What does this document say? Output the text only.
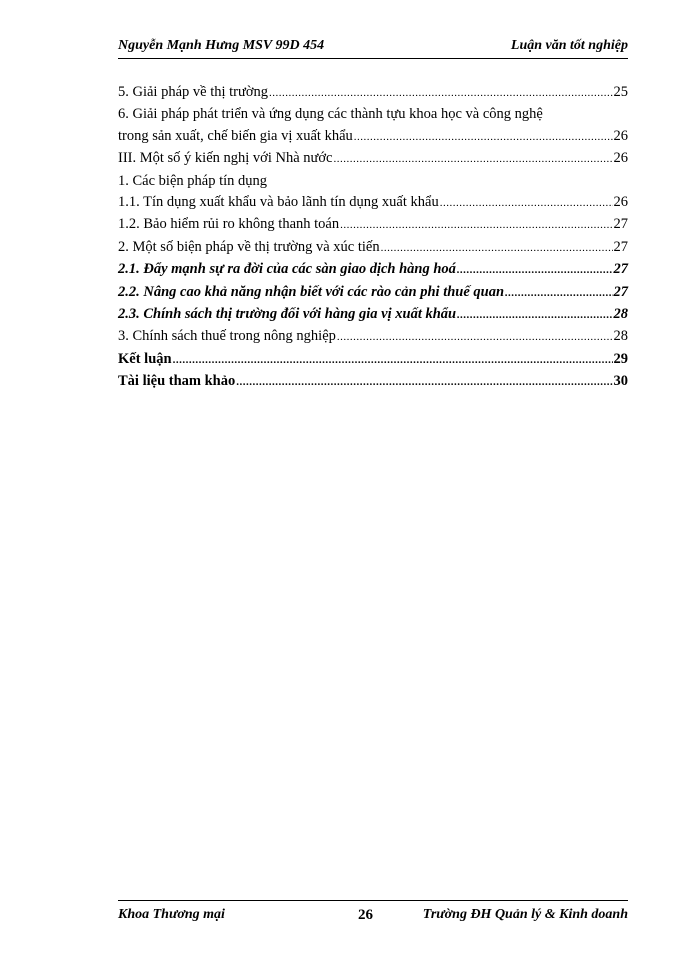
Nguyễn Mạnh Hưng MSV 99D 454	Luận văn tốt nghiệp
5. Giải pháp về thị trường .....	25
6. Giải pháp phát triển và ứng dụng các thành tựu khoa học và công nghệ
trong sản xuất, chế biến gia vị xuất khẩu .....	26
III. Một số ý kiến nghị với Nhà nước .....	26
1. Các biện pháp tín dụng
1.1. Tín dụng xuất khẩu và bảo lãnh tín dụng xuất khẩu .....	26
1.2. Bảo hiểm rủi ro không thanh toán .....	27
2. Một số biện pháp về thị trường và xúc tiến .....	27
2.1. Đẩy mạnh sự ra đời của các sàn giao dịch hàng hoá .....	27
2.2. Nâng cao khả năng nhận biết với các rào cản phi thuế quan .....	27
2.3. Chính sách thị trường đối với hàng gia vị xuất khẩu .....	28
3. Chính sách thuế trong nông nghiệp .....	28
Kết luận .....	29
Tài liệu tham khảo .....	30
Khoa Thương mại	26	Trường ĐH Quản lý & Kinh doanh
